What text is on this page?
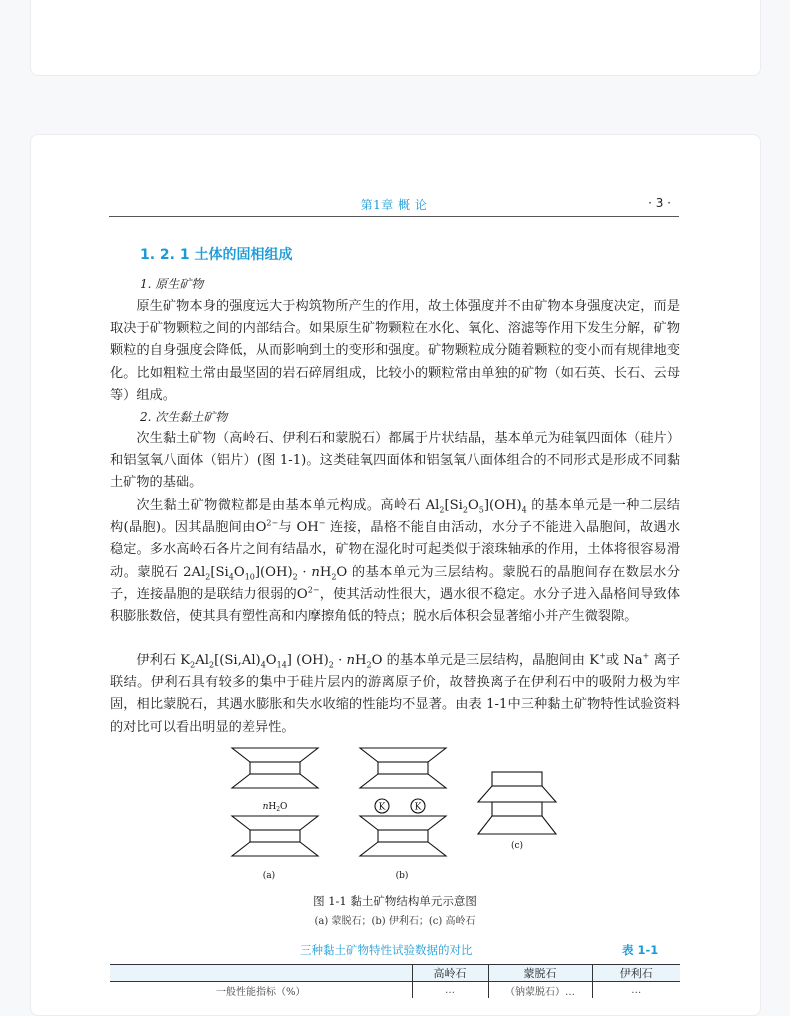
第1章 概 论	· 3 ·
1. 2. 1 土体的固相组成

1. 原生矿物

原生矿物本身的强度远大于构筑物所产生的作用，故土体强度并不由矿物本身强度决定，而是取决于矿物颗粒之间的内部结合。如果原生矿物颗粒在水化、氧化、溶滤等作用下发生分解，矿物颗粒的自身强度会降低，从而影响到土的变形和强度。矿物颗粒成分随着颗粒的变小而有规律地变化。比如粗粒土常由最坚固的岩石碎屑组成，比较小的颗粒常由单独的矿物（如石英、长石、云母等）组成。

2. 次生黏土矿物

次生黏土矿物（高岭石、伊利石和蒙脱石）都属于片状结晶，基本单元为硅氧四面体（硅片）和铝氢氧八面体（铝片）(图 1-1)。这类硅氧四面体和铝氢氧八面体组合的不同形式是形成不同黏土矿物的基础。

次生黏土矿物微粒都是由基本单元构成。高岭石 $Al_2[Si_2O_5](OH)_4$ 的基本单元是一种二层结构(晶胞)。因其晶胞间由$O^{2-}$与 OH− 连接，晶格不能自由活动，水分子不能进入晶胞间，故遇水稳定。多水高岭石各片之间有结晶水，矿物在湿化时可起类似于滚珠轴承的作用，土体将很容易滑动。蒙脱石 $2Al_2[Si_4O_{10}](OH)_2 \cdot nH_2O$ 的基本单元为三层结构。蒙脱石的晶胞间存在数层水分子，连接晶胞的是联结力很弱的$O^{2-}$，使其活动性很大，遇水很不稳定。水分子进入晶格间导致体积膨胀数倍，使其具有塑性高和内摩擦角低的特点；脱水后体积会显著缩小并产生微裂隙。

伊利石 $K_2Al_2[(Si,Al)_4O_{14}] (OH)_2 \cdot nH_2O$ 的基本单元是三层结构，晶胞间由 K+或 Na+ 离子联结。伊利石具有较多的集中于硅片层内的游离原子价，故替换离子在伊利石中的吸附力极为牢固，相比蒙脱石，其遇水膨胀和失水收缩的性能均不显著。由表 1-1中三种黏土矿物特性试验资料的对比可以看出明显的差异性。

$nH_2O$	K	K
(a)	(b)
(c)
图 1-1 黏土矿物结构单元示意图
(a) 蒙脱石；(b) 伊利石；(c) 高岭石
三种黏土矿物特性试验数据的对比	表 1-1
	高岭石	蒙脱石	伊利石
一般性能指标（%）	…	（钠蒙脱石）…	…
